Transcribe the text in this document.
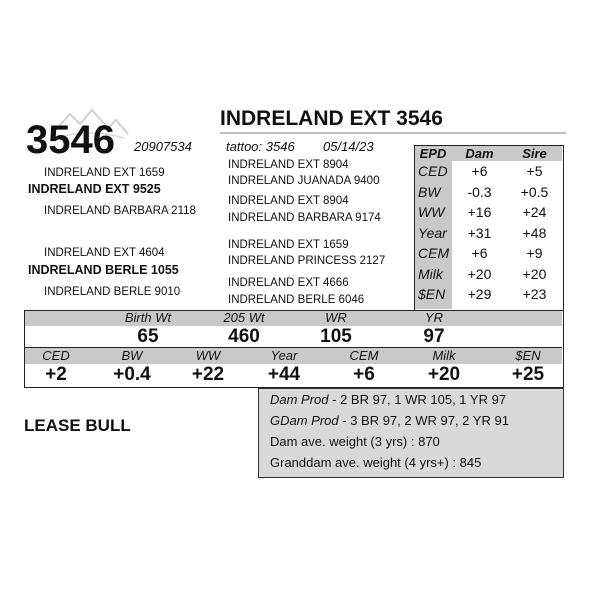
3546	INDRELAND EXT 3546
20907534	tattoo: 3546 05/14/23
INDRELAND EXT 1659
INDRELAND EXT 9525
INDRELAND BARBARA 2118
INDRELAND EXT 8904
INDRELAND JUANADA 9400
INDRELAND EXT 8904
INDRELAND BARBARA 9174
INDRELAND EXT 4604
INDRELAND BERLE 1055
INDRELAND BERLE 9010
INDRELAND EXT 1659
INDRELAND PRINCESS 2127
INDRELAND EXT 4666
INDRELAND BERLE 6046
EPD	Dam	Sire
CED	+6	+5
BW	-0.3	+0.5
WW	+16	+24
Year	+31	+48
CEM	+6	+9
Milk	+20	+20
$EN	+29	+23
Birth Wt	205 Wt	WR	YR
65	460	105	97
CED	BW	WW	Year	CEM	Milk	$EN
+2	+0.4	+22	+44	+6	+20	+25
LEASE BULL
Dam Prod - 2 BR 97, 1 WR 105, 1 YR 97
GDam Prod - 3 BR 97, 2 WR 97, 2 YR 91
Dam ave. weight (3 yrs) : 870
Granddam ave. weight (4 yrs+) : 845
